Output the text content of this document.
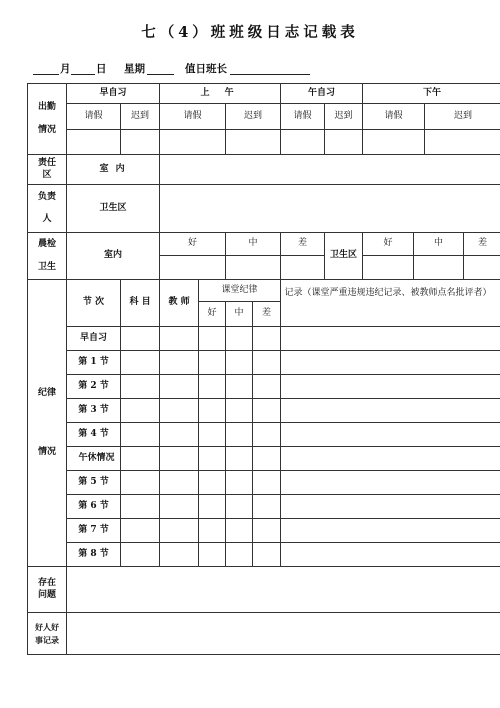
七（4）班班级日志记载表
月 日 星期	值日班长
出勤
情况	早自习		上 午				午自习		下午			
	请假	迟到	请假		迟到		请假	迟到	请假		迟到	

责任
区	室 内											

负责
人	卫生区											

晨检
卫生	室内		好		中		差	卫生区	好	中		差

纪律
情况	节 次	科 目	教 师	课堂纪律			记录（课堂严重违规违纪记录、被教师点名批评者）					
				好	中	差						
	早自习											
	第 1 节											
	第 2 节											
	第 3 节											
	第 4 节											
	午休情况											
	第 5 节											
	第 6 节											
	第 7 节											
	第 8 节											

存在
问题												

好人好
事记录												
